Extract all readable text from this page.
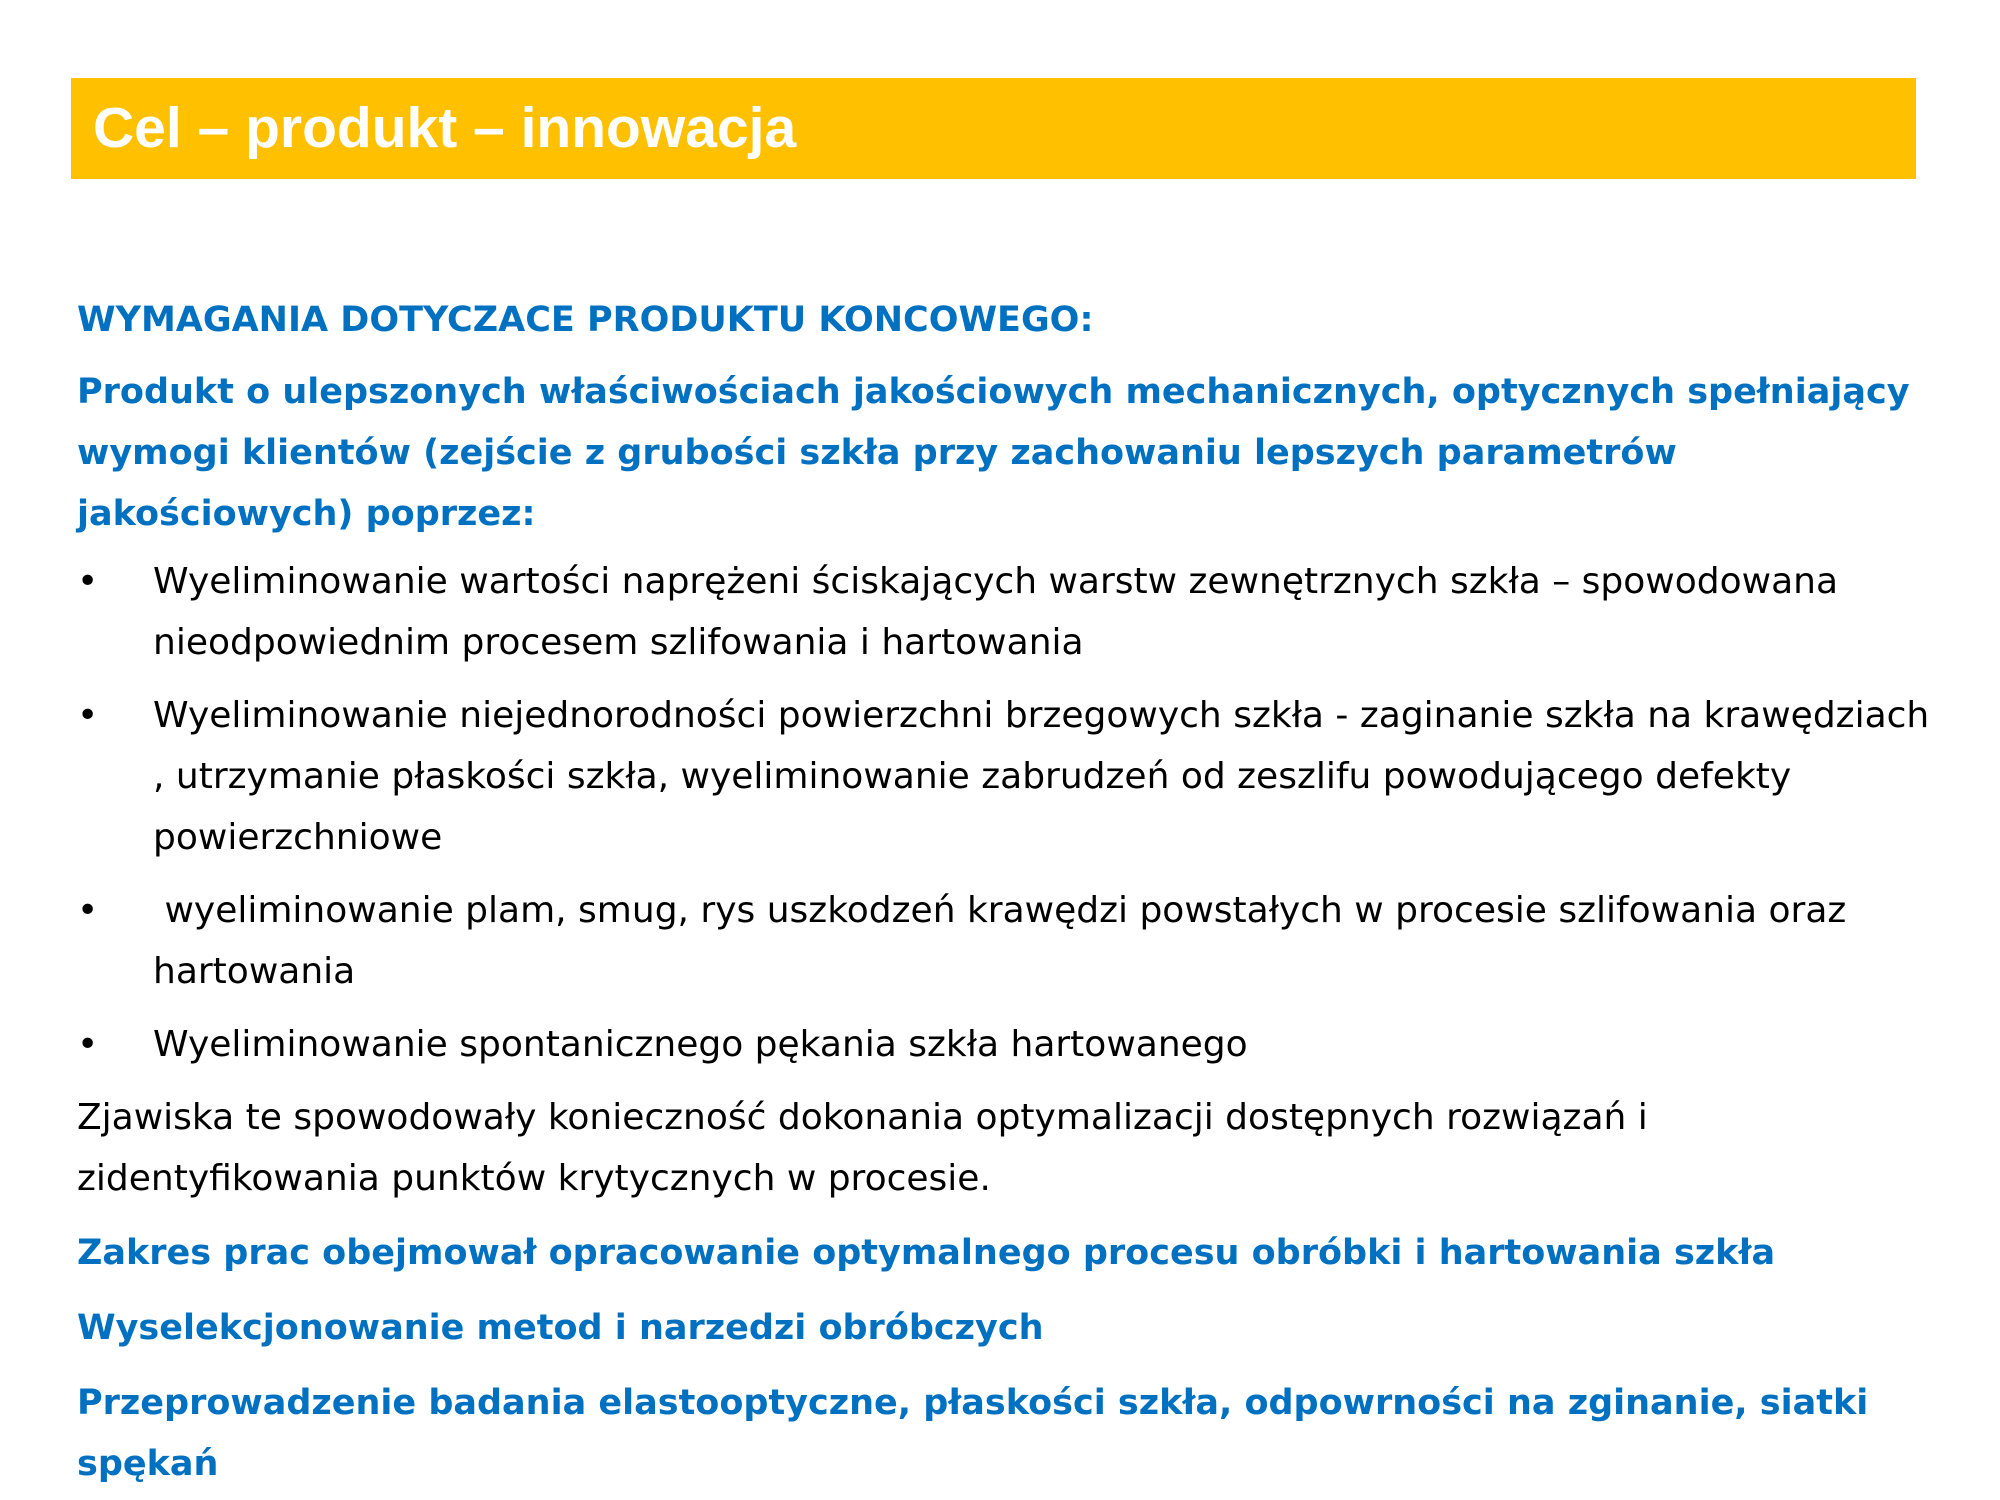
Cel – produkt – innowacja

WYMAGANIA DOTYCZACE PRODUKTU KONCOWEGO:

Produkt o ulepszonych właściwościach jakościowych mechanicznych, optycznych spełniający wymogi klientów (zejście z grubości szkła przy zachowaniu lepszych parametrów jakościowych) poprzez:

• Wyeliminowanie wartości naprężeni ściskających warstw zewnętrznych szkła – spowodowana nieodpowiednim procesem szlifowania i hartowania
• Wyeliminowanie niejednorodności powierzchni brzegowych szkła - zaginanie szkła na krawędziach , utrzymanie płaskości szkła, wyeliminowanie zabrudzeń od zeszlifu powodującego defekty powierzchniowe
• wyeliminowanie plam, smug, rys uszkodzeń krawędzi powstałych w procesie szlifowania oraz hartowania
• Wyeliminowanie spontanicznego pękania szkła hartowanego

Zjawiska te spowodowały konieczność dokonania optymalizacji dostępnych rozwiązań i zidentyfikowania punktów krytycznych w procesie.

Zakres prac obejmował opracowanie optymalnego procesu obróbki i hartowania szkła

Wyselekcjonowanie metod i narzedzi obróbczych

Przeprowadzenie badania elastooptyczne, płaskości szkła, odpowrności na zginanie, siatki spękań
